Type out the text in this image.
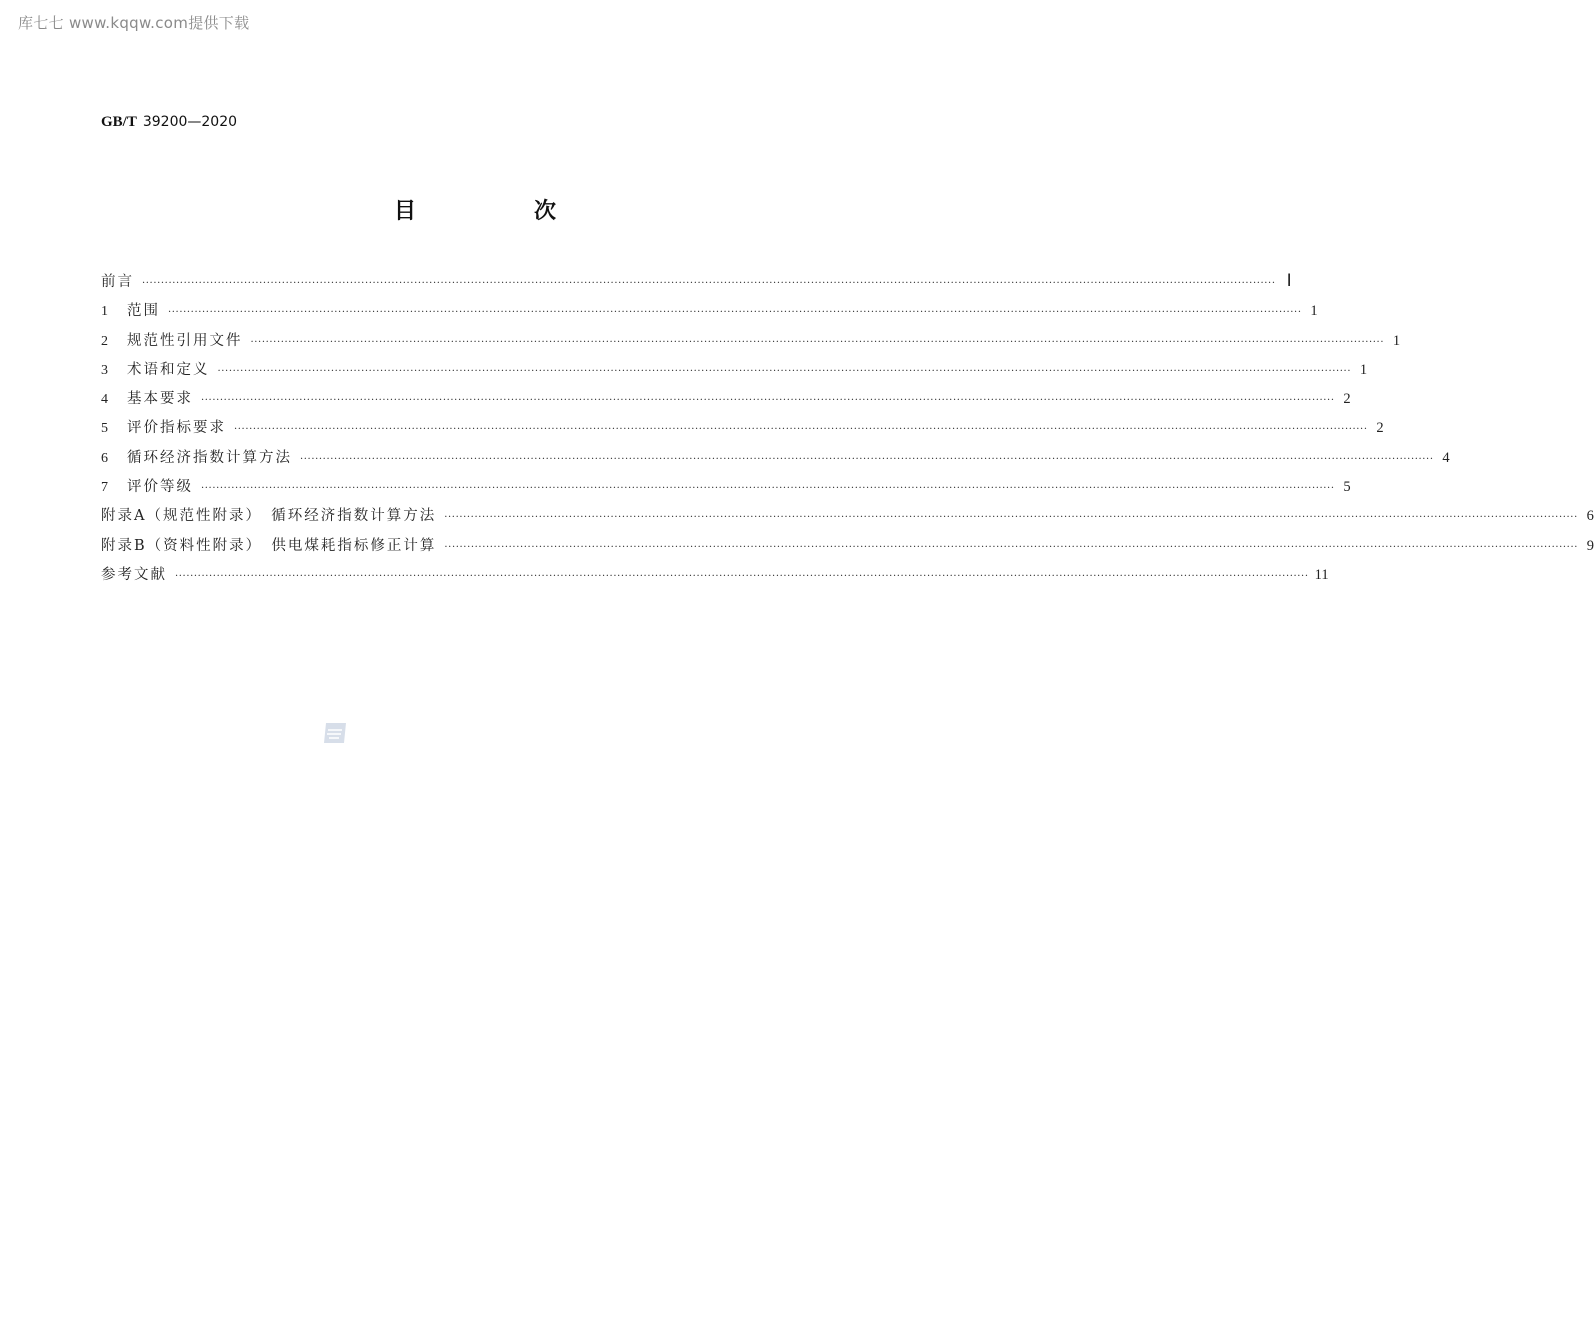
库七七 www.kqqw.com提供下载
GB/T 39200—2020
目　次
前言 ············································································································································································································································································································ Ⅰ
1	范围 ············································································································································································································································································································ 1
2	规范性引用文件 ············································································································································································································································································································ 1
3	术语和定义 ············································································································································································································································································································ 1
4	基本要求 ············································································································································································································································································································ 2
5	评价指标要求 ············································································································································································································································································································ 2
6	循环经济指数计算方法 ············································································································································································································································································································ 4
7	评价等级 ············································································································································································································································································································ 5
附录A（规范性附录）　循环经济指数计算方法 ············································································································································································································································································································ 6
附录B（资料性附录）　供电煤耗指标修正计算 ············································································································································································································································································································ 9
参考文献 ············································································································································································································································································································ 11
